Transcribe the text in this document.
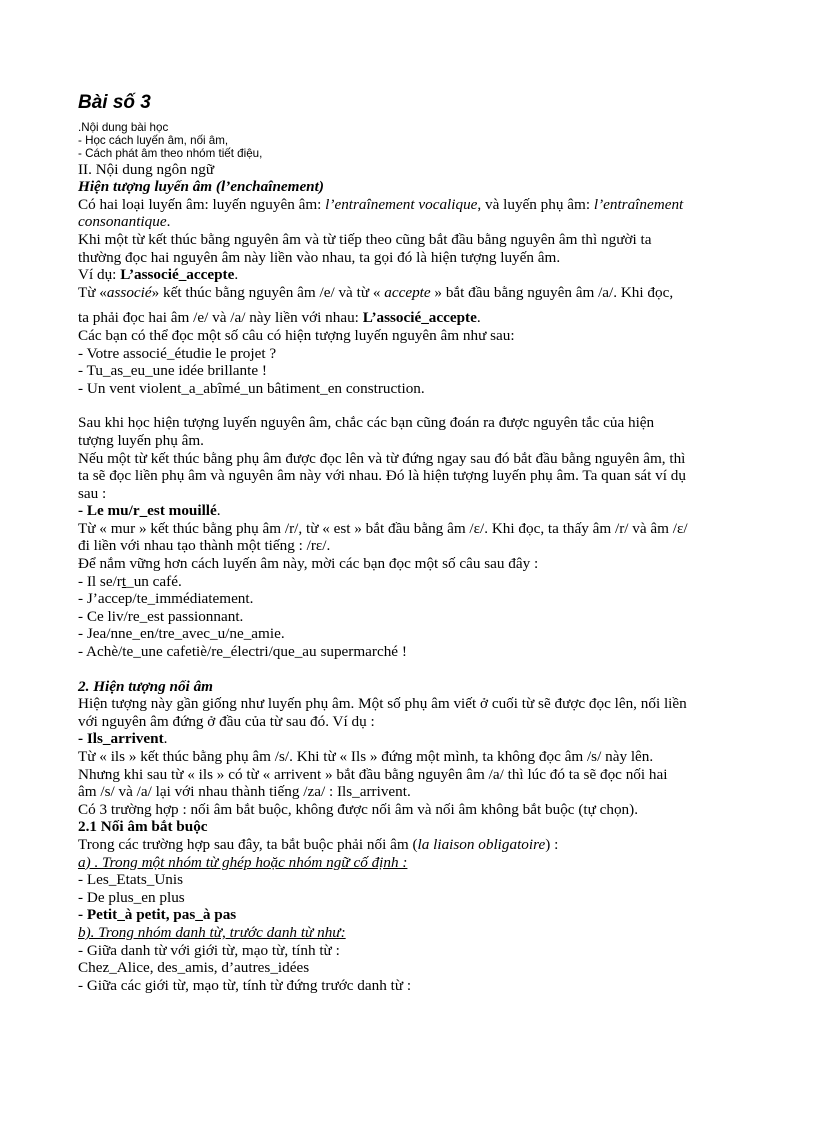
Bài số 3

.Nội dung bài học

- Học cách luyến âm, nối âm,

- Cách phát âm theo nhóm tiết điệu,

II. Nội dung ngôn ngữ

Hiện tượng luyến âm (l’enchaînement)

Có hai loại luyến âm: luyến nguyên âm: l’entraînement vocalique, và luyến phụ âm: l’entraînement

consonantique.

Khi một từ kết thúc bằng nguyên âm và từ tiếp theo cũng bắt đầu bằng nguyên âm thì người ta

thường đọc hai nguyên âm này liền vào nhau, ta gọi đó là hiện tượng luyến âm.

Ví dụ: L’associé_accepte.

Từ «associé» kết thúc bằng nguyên âm /e/ và từ « accepte » bắt đầu bằng nguyên âm /a/. Khi đọc,

ta phải đọc hai âm /e/ và /a/ này liền với nhau: L’associé_accepte.

Các bạn có thể đọc một số câu có hiện tượng luyến nguyên âm như sau:

- Votre associé_étudie le projet ?

- Tu_as_eu_une idée brillante !

- Un vent violent_a_abîmé_un bâtiment_en construction.

Sau khi học hiện tượng luyến nguyên âm, chắc các bạn cũng đoán ra được nguyên tắc của hiện

tượng luyến phụ âm.

Nếu một từ kết thúc bằng phụ âm được đọc lên và từ đứng ngay sau đó bắt đầu bằng nguyên âm, thì

ta sẽ đọc liền phụ âm và nguyên âm này với nhau. Đó là hiện tượng luyến phụ âm. Ta quan sát ví dụ

sau :

- Le mu/r_est mouillé.

Từ « mur » kết thúc bằng phụ âm /r/, từ « est » bắt đầu bằng âm /ɛ/. Khi đọc, ta thấy âm /r/ và âm /ɛ/

đi liền với nhau tạo thành một tiếng : /rɛ/.

Để nắm vững hơn cách luyến âm này, mời các bạn đọc một số câu sau đây :

- Il se/rt_un café.

- J’accep/te_immédiatement.

- Ce liv/re_est passionnant.

- Jea/nne_en/tre_avec_u/ne_amie.

- Achè/te_une cafetiè/re_électri/que_au supermarché !

2. Hiện tượng nối âm

Hiện tượng này gần giống như luyến phụ âm. Một số phụ âm viết ở cuối từ sẽ được đọc lên, nối liền

với nguyên âm đứng ở đầu của từ sau đó. Ví dụ :

- Ils_arrivent.

Từ « ils » kết thúc bằng phụ âm /s/. Khi từ « Ils » đứng một mình, ta không đọc âm /s/ này lên.

Nhưng khi sau từ « ils » có từ « arrivent » bắt đầu bằng nguyên âm /a/ thì lúc đó ta sẽ đọc nối hai

âm /s/ và /a/ lại với nhau thành tiếng /za/ : Ils_arrivent.

Có 3 trường hợp : nối âm bắt buộc, không được nối âm và nối âm không bắt buộc (tự chọn).

2.1 Nối âm bắt buộc

Trong các trường hợp sau đây, ta bắt buộc phải nối âm (la liaison obligatoire) :

a) . Trong một nhóm từ ghép hoặc nhóm ngữ cố định :

- Les_Etats_Unis

- De plus_en plus

- Petit_à petit, pas_à pas

b). Trong nhóm danh từ, trước danh từ như:

- Giữa danh từ với giới từ, mạo từ, tính từ :

Chez_Alice, des_amis, d’autres_idées

- Giữa các giới từ, mạo từ, tính từ đứng trước danh từ :
